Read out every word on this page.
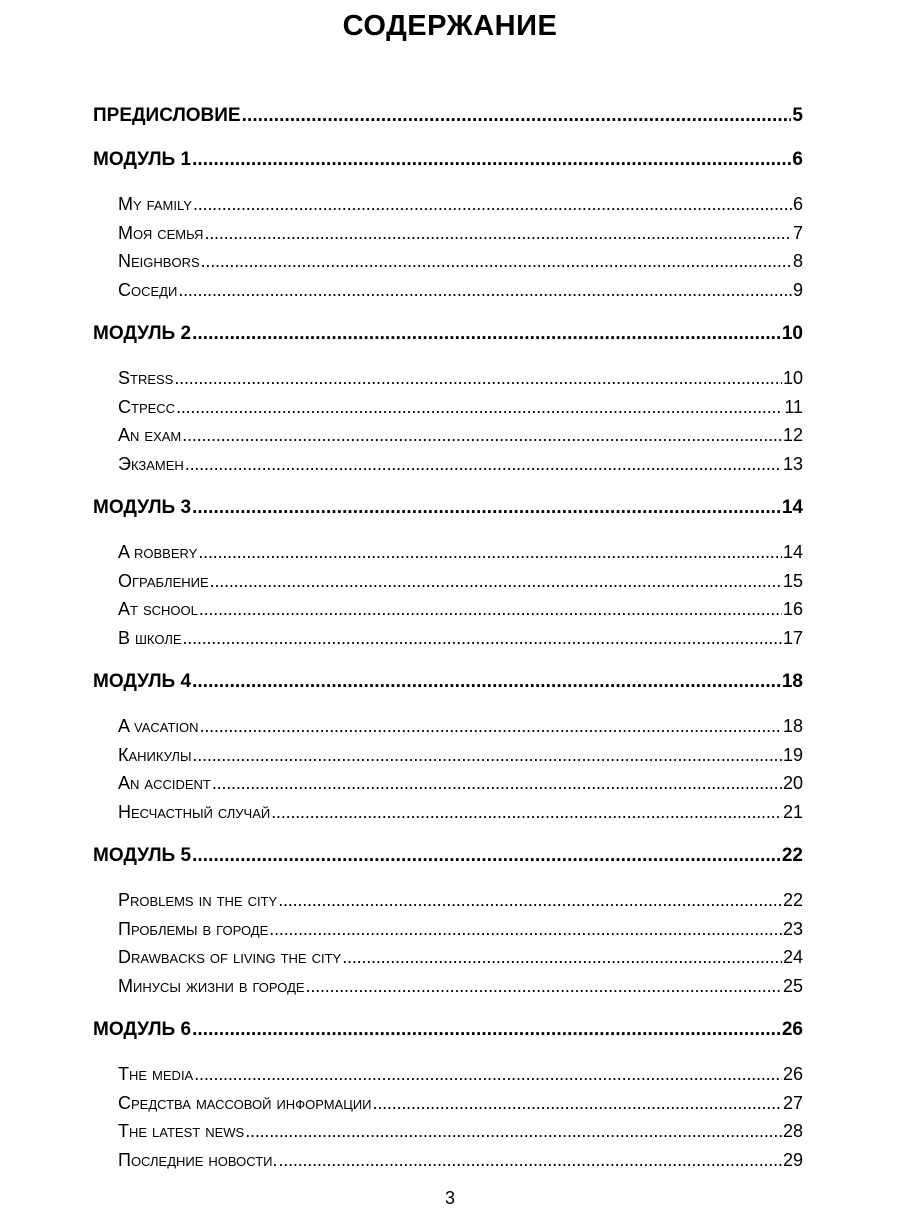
СОДЕРЖАНИЕ
ПРЕДИСЛОВИЕ . . .	5
МОДУЛЬ 1 . . .	6
My family . . .	6
Моя семья . . .	7
Neighbors . . .	8
Соседи . . .	9
МОДУЛЬ 2 . . .	10
Stress . . .	10
Стресс . . .	11
An exam . . .	12
Экзамен . . .	13
МОДУЛЬ 3 . . .	14
A robbery . . .	14
Ограбление . . .	15
At school . . .	16
В школе . . .	17
МОДУЛЬ 4 . . .	18
A vacation . . .	18
Каникулы . . .	19
An accident . . .	20
Несчастный случай . . .	21
МОДУЛЬ 5 . . .	22
Problems in the city . . .	22
Проблемы в городе . . .	23
Drawbacks of living the city . . .	24
Минусы жизни в городе . . .	25
МОДУЛЬ 6 . . .	26
The media . . .	26
Средства массовой информации . . .	27
The latest news . . .	28
Последние новости. . . .	29
3
